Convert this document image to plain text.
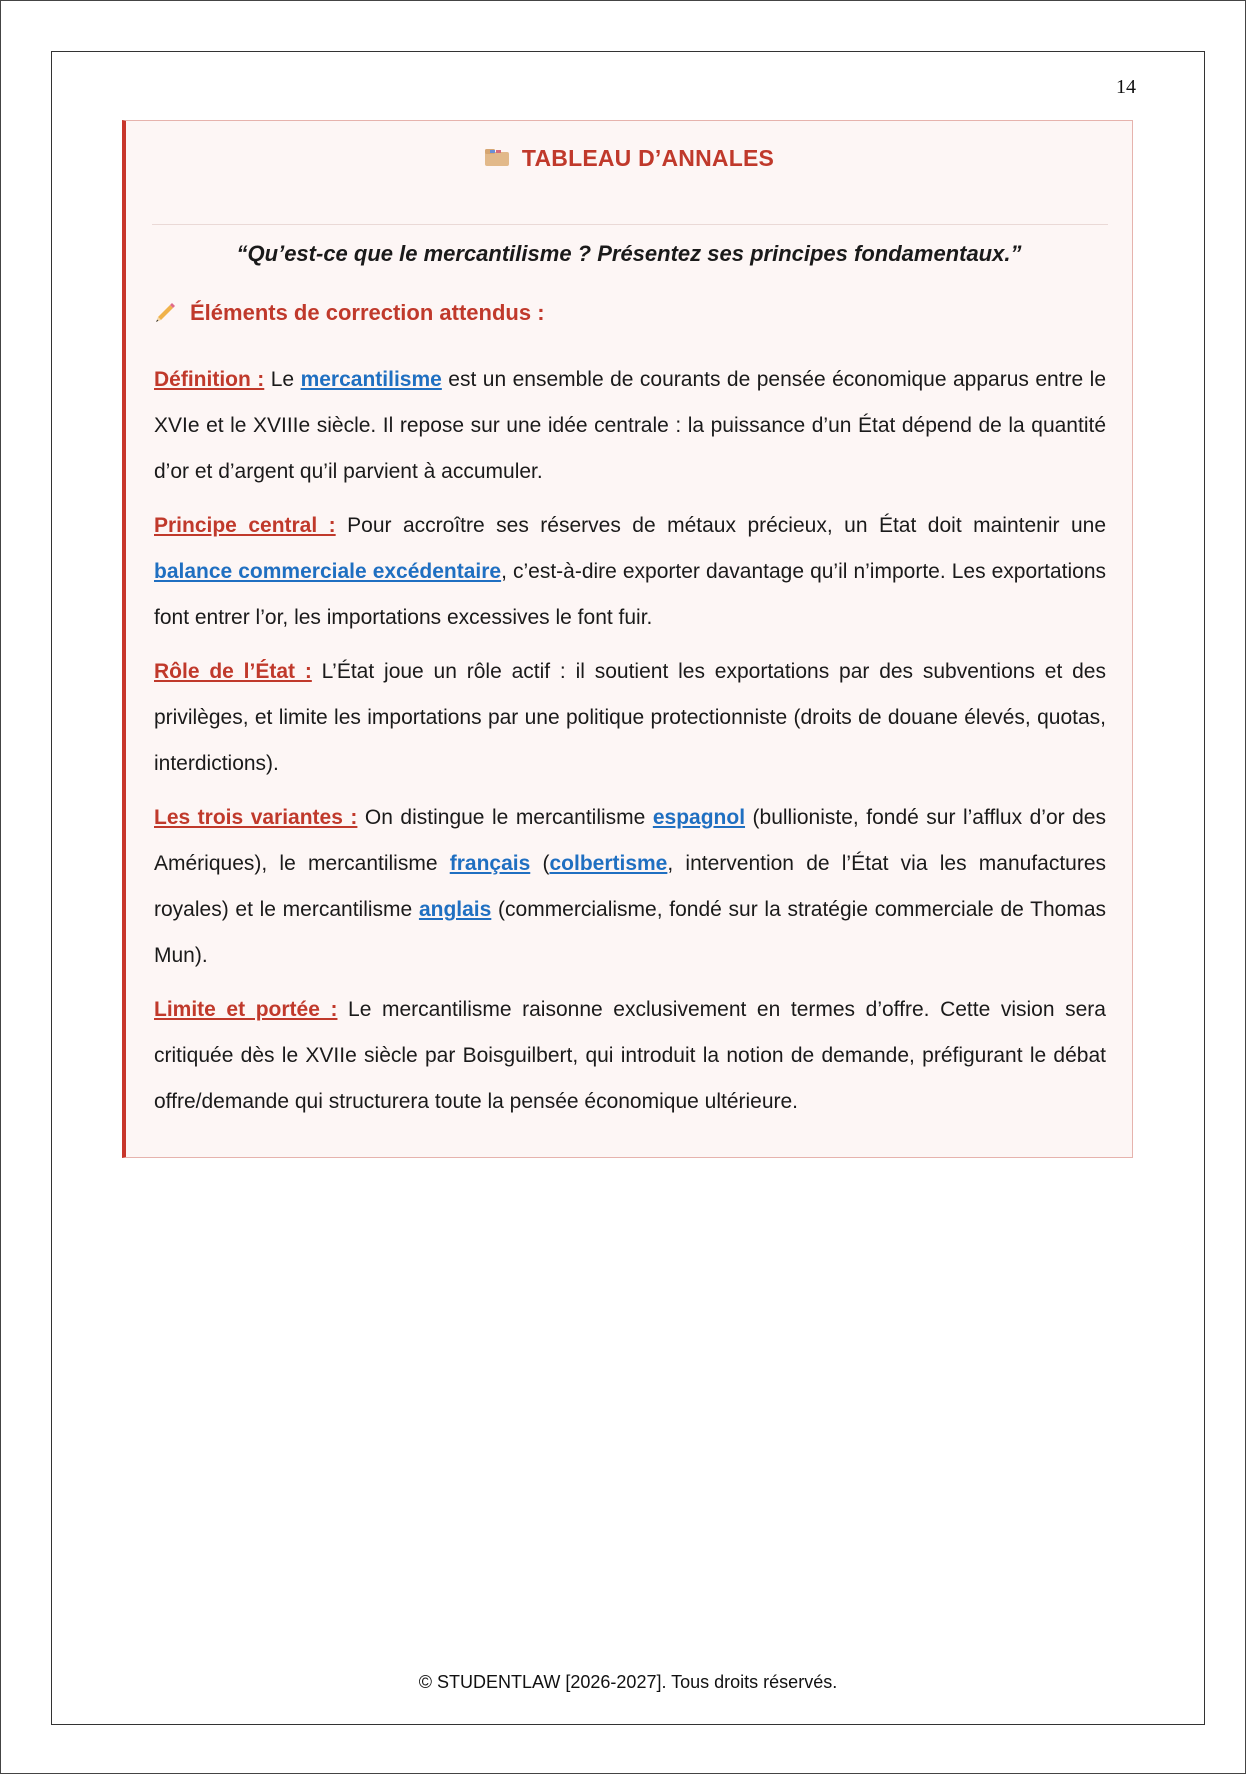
14
TABLEAU D’ANNALES
“Qu’est-ce que le mercantilisme ? Présentez ses principes fondamentaux.”
Éléments de correction attendus :

Définition : Le mercantilisme est un ensemble de courants de pensée économique apparus entre le XVIe et le XVIIIe siècle. Il repose sur une idée centrale : la puissance d’un État dépend de la quantité d’or et d’argent qu’il parvient à accumuler.

Principe central : Pour accroître ses réserves de métaux précieux, un État doit maintenir une balance commerciale excédentaire, c’est-à-dire exporter davantage qu’il n’importe. Les exportations font entrer l’or, les importations excessives le font fuir.

Rôle de l’État : L’État joue un rôle actif : il soutient les exportations par des subventions et des privilèges, et limite les importations par une politique protectionniste (droits de douane élevés, quotas, interdictions).

Les trois variantes : On distingue le mercantilisme espagnol (bullioniste, fondé sur l’afflux d’or des Amériques), le mercantilisme français (colbertisme, intervention de l’État via les manufactures royales) et le mercantilisme anglais (commercialisme, fondé sur la stratégie commerciale de Thomas Mun).

Limite et portée : Le mercantilisme raisonne exclusivement en termes d’offre. Cette vision sera critiquée dès le XVIIe siècle par Boisguilbert, qui introduit la notion de demande, préfigurant le débat offre/demande qui structurera toute la pensée économique ultérieure.

© STUDENTLAW [2026-2027]. Tous droits réservés.
